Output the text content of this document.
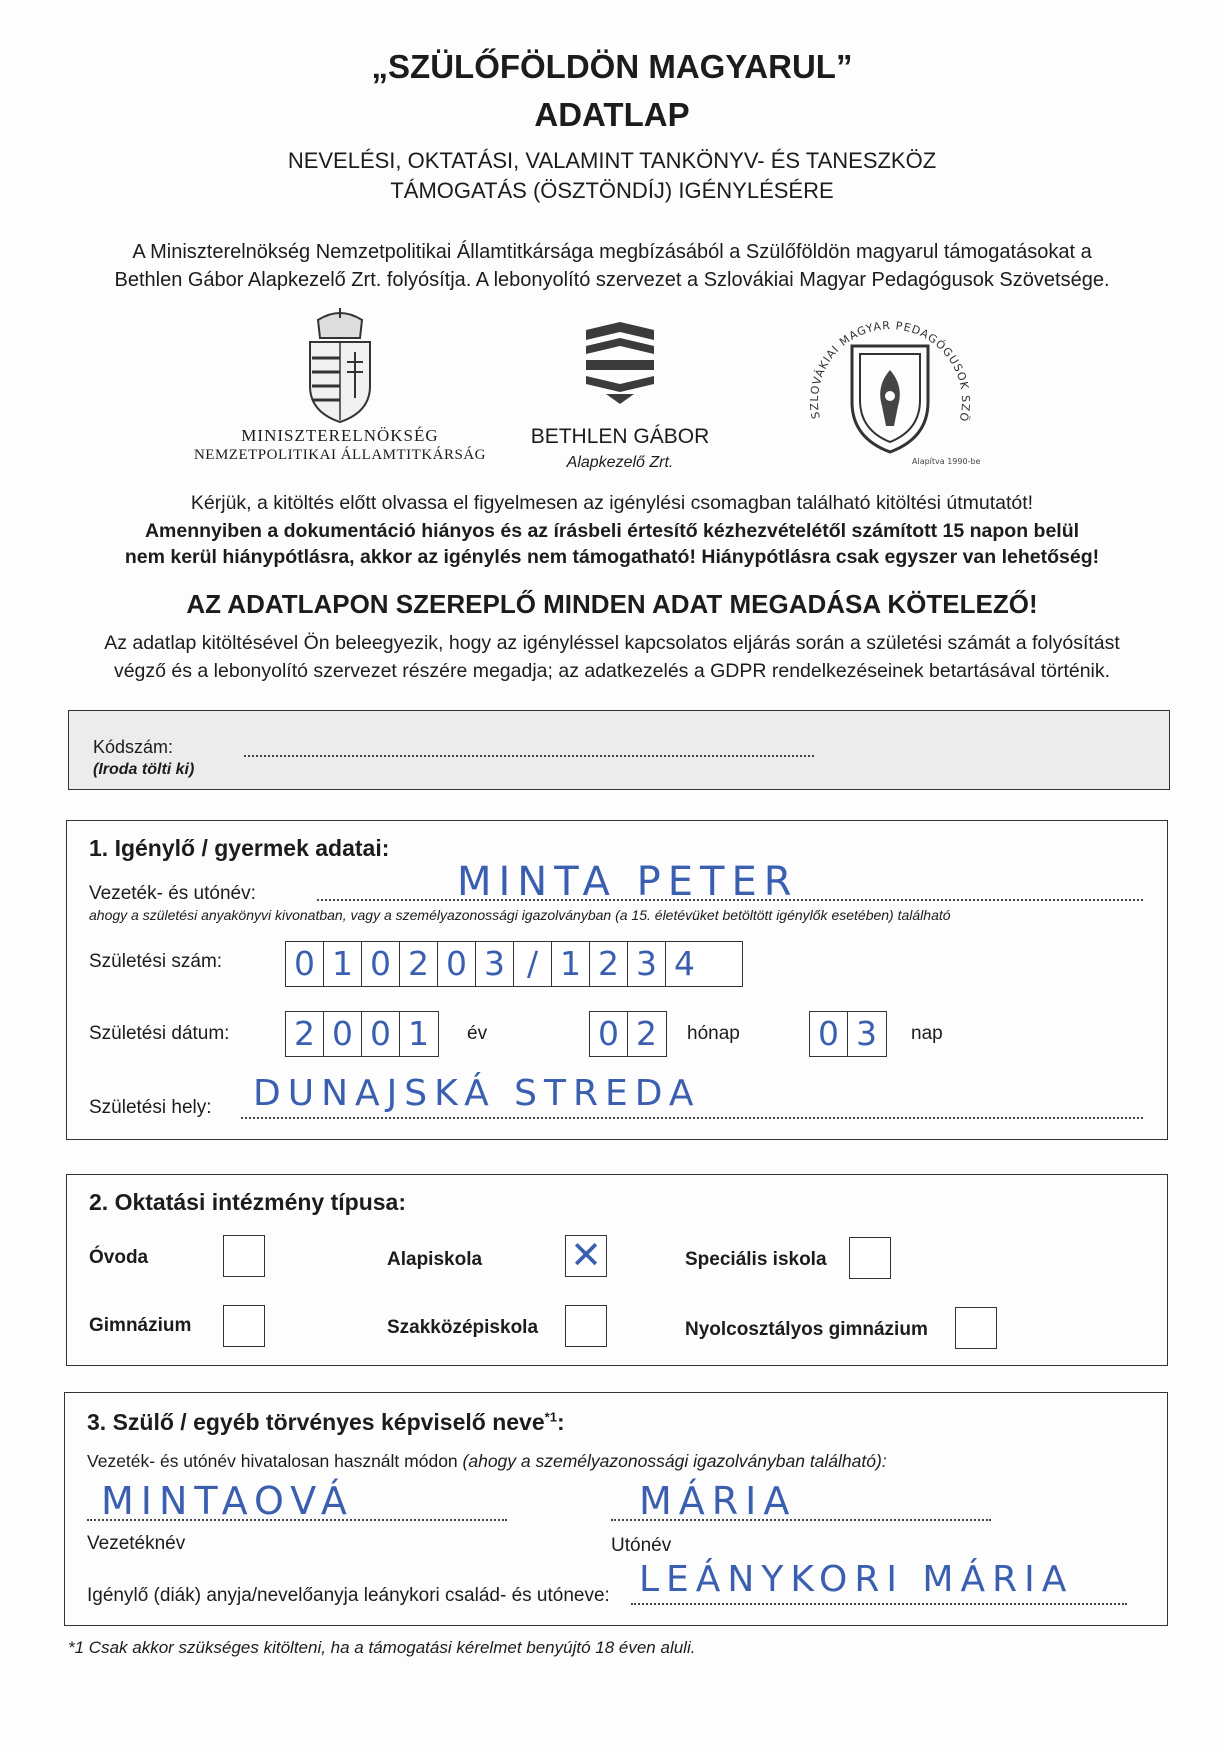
„SZÜLŐFÖLDÖN MAGYARUL”
ADATLAP
NEVELÉSI, OKTATÁSI, VALAMINT TANKÖNYV- ÉS TANESZKÖZ
TÁMOGATÁS (ÖSZTÖNDÍJ) IGÉNYLÉSÉRE
A Miniszterelnökség Nemzetpolitikai Államtitkársága megbízásából a Szülőföldön magyarul támogatásokat a
Bethlen Gábor Alapkezelő Zrt. folyósítja. A lebonyolító szervezet a Szlovákiai Magyar Pedagógusok Szövetsége.
MINISZTERELNÖKSÉG
NEMZETPOLITIKAI ÁLLAMTITKÁRSÁG
BETHLEN GÁBOR
Alapkezelő Zrt.
SZLOVÁKIAI MAGYAR PEDAGÓGUSOK SZÖ
Alapítva 1990-ben
Kérjük, a kitöltés előtt olvassa el figyelmesen az igénylési csomagban található kitöltési útmutatót!
Amennyiben a dokumentáció hiányos és az írásbeli értesítő kézhezvételétől számított 15 napon belül
nem kerül hiánypótlásra, akkor az igénylés nem támogatható! Hiánypótlásra csak egyszer van lehetőség!
AZ ADATLAPON SZEREPLŐ MINDEN ADAT MEGADÁSA KÖTELEZŐ!
Az adatlap kitöltésével Ön beleegyezik, hogy az igényléssel kapcsolatos eljárás során a születési számát a folyósítást
végző és a lebonyolító szervezet részére megadja; az adatkezelés a GDPR rendelkezéseinek betartásával történik.
Kódszám:
(Iroda tölti ki)
1. Igénylő / gyermek adatai:
Vezeték- és utónév:	MINTA PETER
ahogy a születési anyakönyvi kivonatban, vagy a személyazonossági igazolványban (a 15. életévüket betöltött igénylők esetében) található
Születési szám: 0 1 0 2 0 3 / 1 2 3 4
Születési dátum: 2 0 0 1	év	0 2	hónap 0 3	nap
Születési hely: DUNAJSKÁ STREDA
2. Oktatási intézmény típusa:
Óvoda	Alapiskola ✕	Speciális iskola
Gimnázium	Szakközépiskola	Nyolcosztályos gimnázium
3. Szülő / egyéb törvényes képviselő neve$^{*1}$:
Vezeték- és utónév hivatalosan használt módon (ahogy a személyazonossági igazolványban található):
MINTAOVÁ
Vezetéknév
MÁRIA
Utónév
Igénylő (diák) anyja/nevelőanyja leánykori család- és utóneve: LEÁNYKORI MÁRIA
*1 Csak akkor szükséges kitölteni, ha a támogatási kérelmet benyújtó 18 éven aluli.
